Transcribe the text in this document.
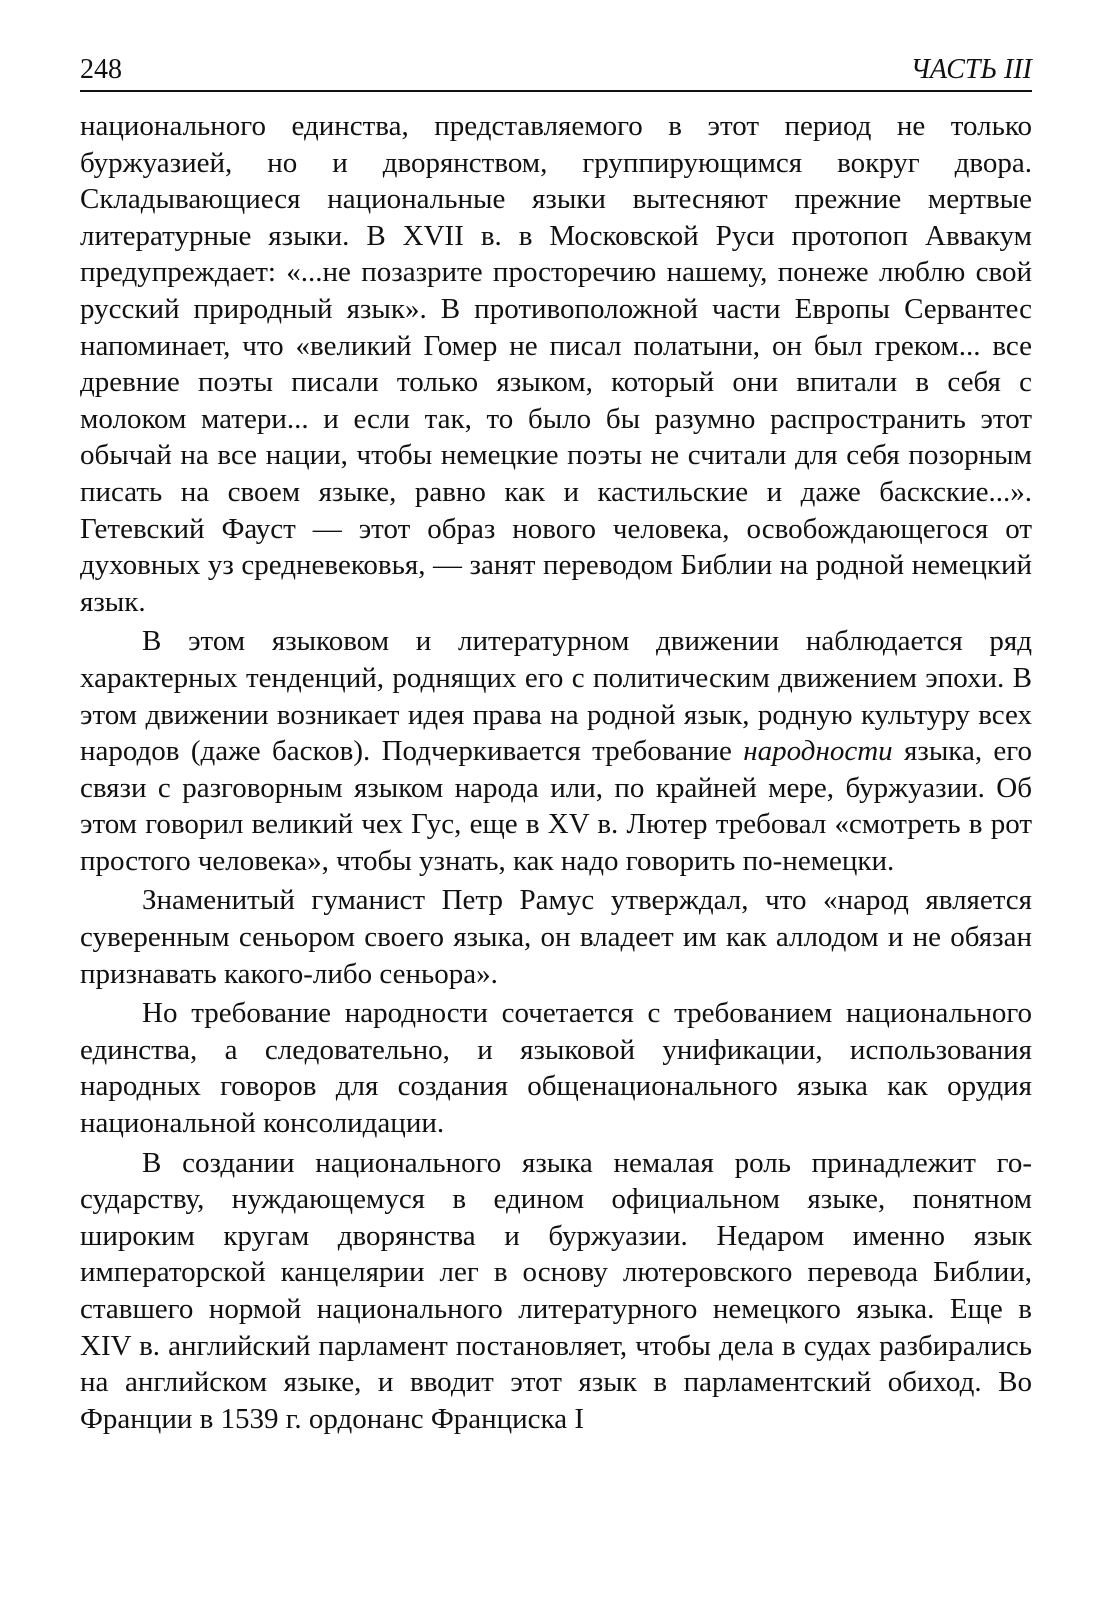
248	ЧАСТЬ III

национального единства, представляемого в этот период не только буржуазией, но и дворянством, группирующимся вокруг двора. Складывающиеся национальные языки вытесняют прежние мертвые литературные языки. В XVII в. в Московской Руси протопоп Аввакум предупреждает: «...не позазрите просторечию нашему, понеже люблю свой русский природный язык». В противоположной части Европы Сервантес напоминает, что «великий Гомер не писал полатыни, он был греком... все древние поэты писали только языком, который они впитали в себя с молоком матери... и если так, то было бы разумно распространить этот обычай на все нации, чтобы немецкие поэты не считали для себя позорным писать на своем языке, равно как и кастильские и даже баскские...». Гетевский Фауст — этот образ нового человека, освобождающегося от духовных уз средневековья, — занят переводом Библии на родной немецкий язык.

В этом языковом и литературном движении наблюдается ряд характерных тенденций, роднящих его с политическим движением эпохи. В этом движении возникает идея права на родной язык, родную культуру всех народов (даже басков). Подчеркивается требование народности языка, его связи с разговорным языком народа или, по крайней мере, буржуазии. Об этом говорил великий чех Гус, еще в XV в. Лютер требовал «смотреть в рот простого человека», чтобы узнать, как надо говорить по-немецки.

Знаменитый гуманист Петр Рамус утверждал, что «народ является суверенным сеньором своего языка, он владеет им как аллодом и не обязан признавать какого-либо сеньора».

Но требование народности сочетается с требованием национального единства, а следовательно, и языковой унификации, использования народных говоров для создания общенационального языка как орудия национальной консолидации.

В создании национального языка немалая роль принадлежит государству, нуждающемуся в едином официальном языке, понятном широким кругам дворянства и буржуазии. Недаром именно язык императорской канцелярии лег в основу лютеровского перевода Библии, ставшего нормой национального литературного немецкого языка. Еще в XIV в. английский парламент постановляет, чтобы дела в судах разбирались на английском языке, и вводит этот язык в парламентский обиход. Во Франции в 1539 г. ордонанс Франциска I
